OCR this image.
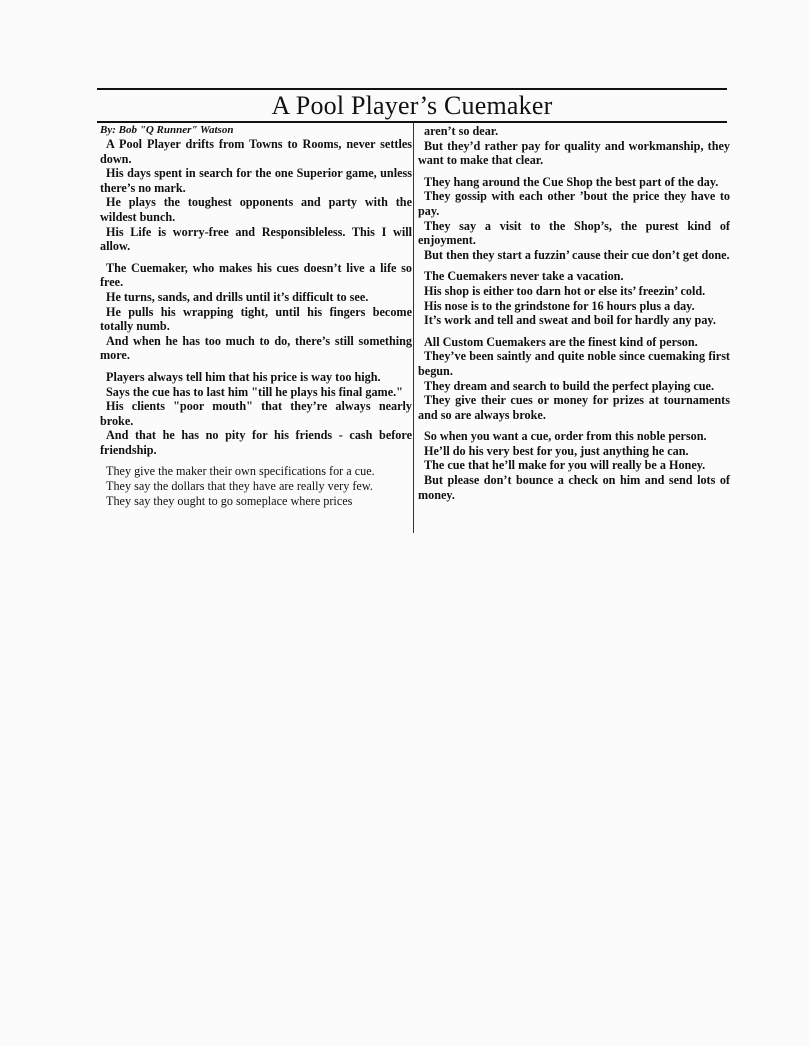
A Pool Player’s Cuemaker

By: Bob "Q Runner" Watson

A Pool Player drifts from Towns to Rooms, never settles down.

His days spent in search for the one Superior game, unless there’s no mark.

He plays the toughest opponents and party with the wildest bunch.

His Life is worry-free and Responsibleless. This I will allow.

The Cuemaker, who makes his cues doesn’t live a life so free.

He turns, sands, and drills until it’s difficult to see.

He pulls his wrapping tight, until his fingers become totally numb.

And when he has too much to do, there’s still something more.

Players always tell him that his price is way too high.

Says the cue has to last him "till he plays his final game."

His clients "poor mouth" that they’re always nearly broke.

And that he has no pity for his friends - cash before friendship.

They give the maker their own specifications for a cue.

They say the dollars that they have are really very few.

They say they ought to go someplace where prices

aren’t so dear.

But they’d rather pay for quality and workmanship, they want to make that clear.

They hang around the Cue Shop the best part of the day.

They gossip with each other ’bout the price they have to pay.

They say a visit to the Shop’s, the purest kind of enjoyment.

But then they start a fuzzin’ cause their cue don’t get done.

The Cuemakers never take a vacation.

His shop is either too darn hot or else its’ freezin’ cold.

His nose is to the grindstone for 16 hours plus a day.

It’s work and tell and sweat and boil for hardly any pay.

All Custom Cuemakers are the finest kind of person.

They’ve been saintly and quite noble since cuemaking first begun.

They dream and search to build the perfect playing cue.

They give their cues or money for prizes at tournaments and so are always broke.

So when you want a cue, order from this noble person.

He’ll do his very best for you, just anything he can.

The cue that he’ll make for you will really be a Honey.

But please don’t bounce a check on him and send lots of money.
